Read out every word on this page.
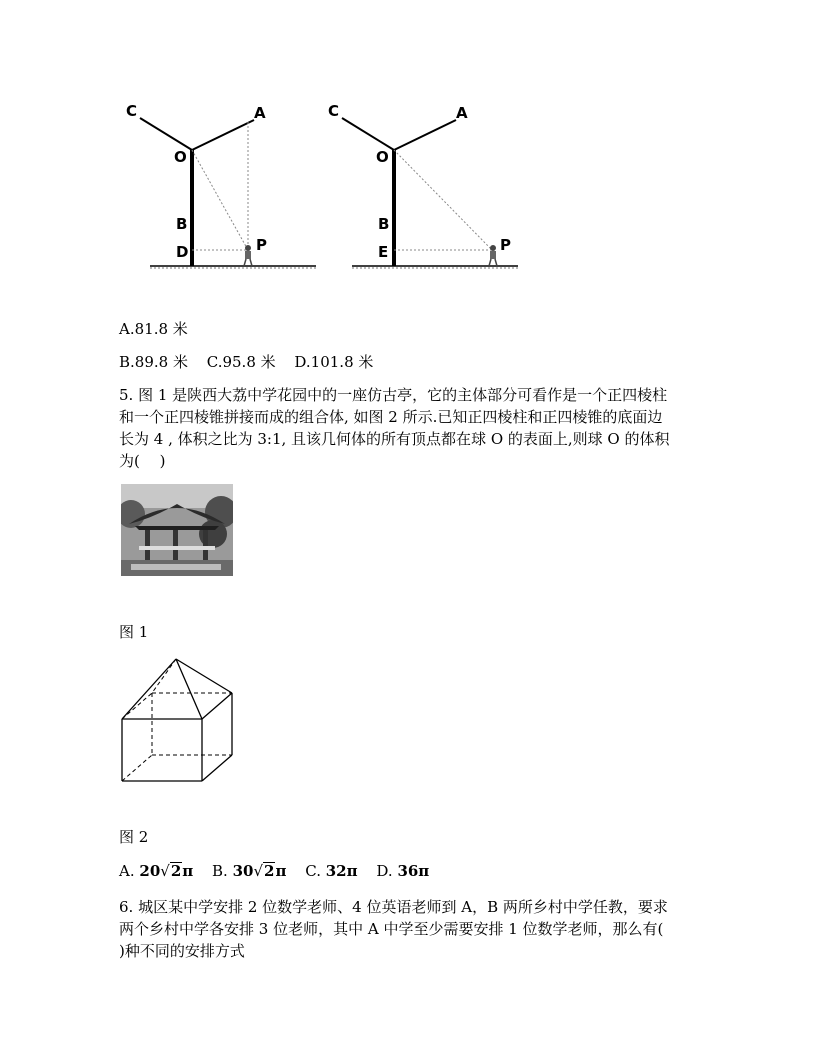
C	A
O
B
D	P
C	A
O
B
E	P
A.81.8 米
B.89.8 米 C.95.8 米 D.101.8 米
5. 图 1 是陕西大荔中学花园中的一座仿古亭，它的主体部分可看作是一个正四棱柱
和一个正四棱锥拼接而成的组合体, 如图 2 所示.已知正四棱柱和正四棱锥的底面边
长为 4 , 体积之比为 3:1, 且该几何体的所有顶点都在球 O 的表面上,则球 O 的体积
为(　 )
图 1
图 2
A. 20√2π B. 30√2π C. 32π D. 36π
6. 城区某中学安排 2 位数学老师、4 位英语老师到 A，B 两所乡村中学任教，要求
两个乡村中学各安排 3 位老师，其中 A 中学至少需要安排 1 位数学老师，那么有(
)种不同的安排方式
